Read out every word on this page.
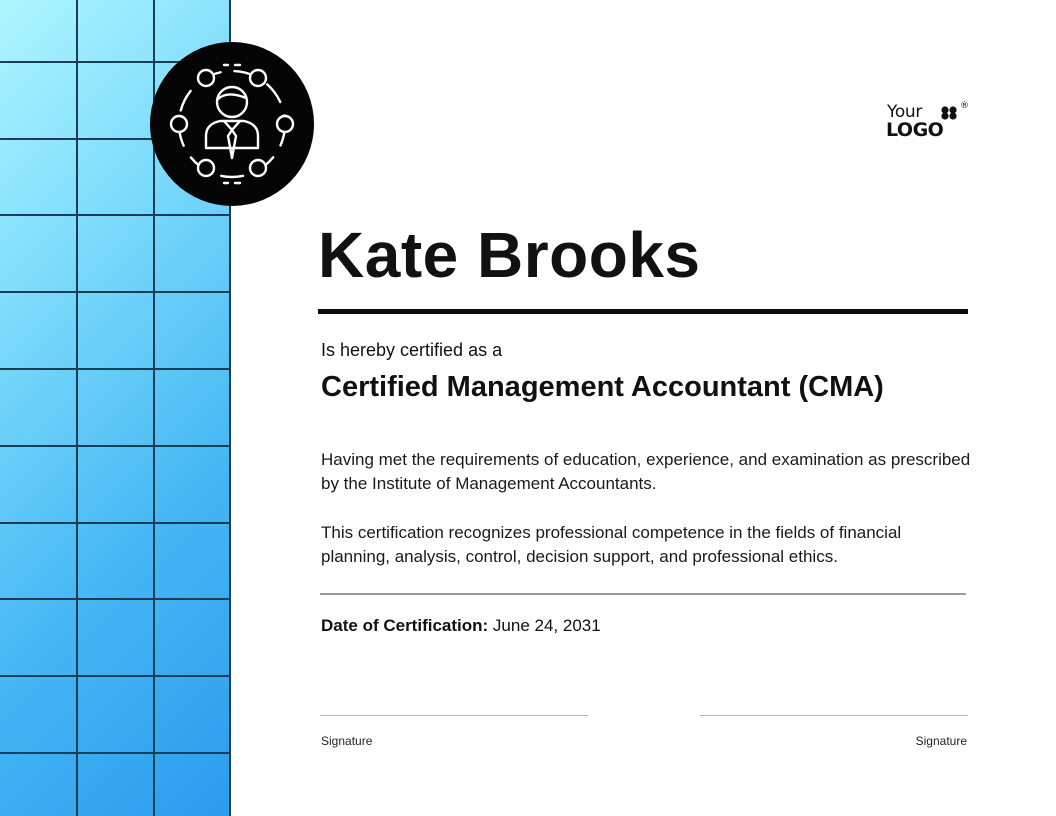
Your	®
LOGO
Kate Brooks
Is hereby certified as a
Certified Management Accountant (CMA)

Having met the requirements of education, experience, and examination as prescribed by the Institute of Management Accountants.

This certification recognizes professional competence in the fields of financial planning, analysis, control, decision support, and professional ethics.

Date of Certification: June 24, 2031
Signature	Signature
